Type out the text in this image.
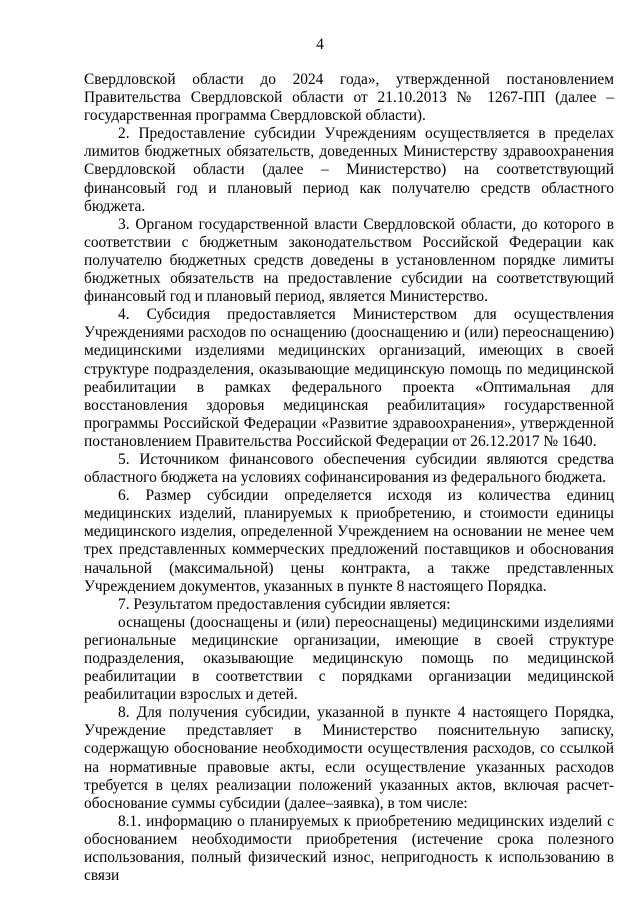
4

Свердловской области до 2024 года», утвержденной постановлением Правительства Свердловской области от 21.10.2013 № 1267-ПП (далее – государственная программа Свердловской области).

2. Предоставление субсидии Учреждениям осуществляется в пределах лимитов бюджетных обязательств, доведенных Министерству здравоохранения Свердловской области (далее – Министерство) на соответствующий финансовый год и плановый период как получателю средств областного бюджета.

3. Органом государственной власти Свердловской области, до которого в соответствии с бюджетным законодательством Российской Федерации как получателю бюджетных средств доведены в установленном порядке лимиты бюджетных обязательств на предоставление субсидии на соответствующий финансовый год и плановый период, является Министерство.

4. Субсидия предоставляется Министерством для осуществления Учреждениями расходов по оснащению (дооснащению и (или) переоснащению) медицинскими изделиями медицинских организаций, имеющих в своей структуре подразделения, оказывающие медицинскую помощь по медицинской реабилитации в рамках федерального проекта «Оптимальная для восстановления здоровья медицинская реабилитация» государственной программы Российской Федерации «Развитие здравоохранения», утвержденной постановлением Правительства Российской Федерации от 26.12.2017 № 1640.

5. Источником финансового обеспечения субсидии являются средства областного бюджета на условиях софинансирования из федерального бюджета.

6. Размер субсидии определяется исходя из количества единиц медицинских изделий, планируемых к приобретению, и стоимости единицы медицинского изделия, определенной Учреждением на основании не менее чем трех представленных коммерческих предложений поставщиков и обоснования начальной (максимальной) цены контракта, а также представленных Учреждением документов, указанных в пункте 8 настоящего Порядка.

7. Результатом предоставления субсидии является:

оснащены (дооснащены и (или) переоснащены) медицинскими изделиями региональные медицинские организации, имеющие в своей структуре подразделения, оказывающие медицинскую помощь по медицинской реабилитации в соответствии с порядками организации медицинской реабилитации взрослых и детей.

8. Для получения субсидии, указанной в пункте 4 настоящего Порядка, Учреждение представляет в Министерство пояснительную записку, содержащую обоснование необходимости осуществления расходов, со ссылкой на нормативные правовые акты, если осуществление указанных расходов требуется в целях реализации положений указанных актов, включая расчет-обоснование суммы субсидии (далее–заявка), в том числе:

8.1. информацию о планируемых к приобретению медицинских изделий с обоснованием необходимости приобретения (истечение срока полезного использования, полный физический износ, непригодность к использованию в связи
